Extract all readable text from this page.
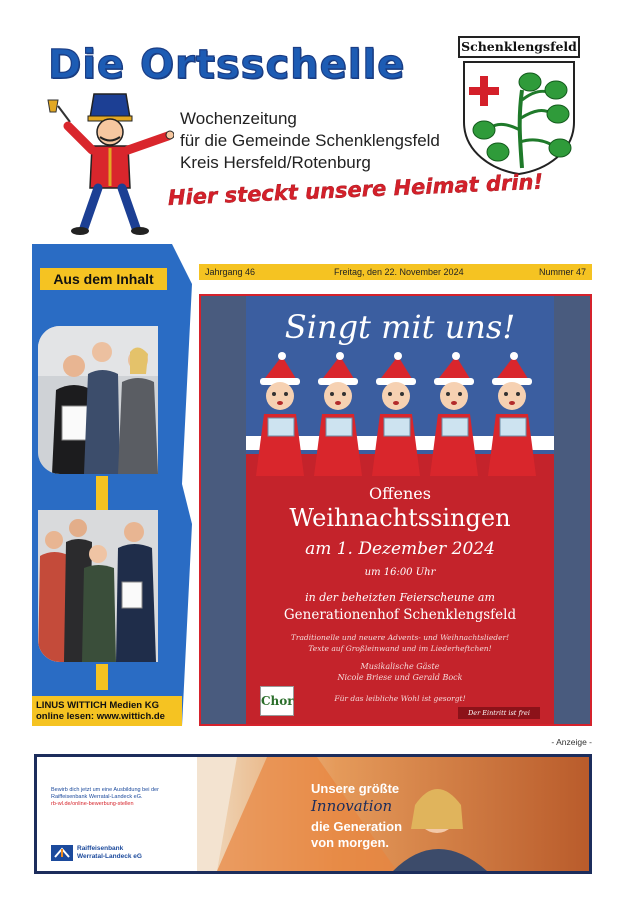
Die Ortsschelle	Schenklengsfeld
Wochenzeitung
für die Gemeinde Schenklengsfeld
Kreis Hersfeld/Rotenburg
Hier steckt unsere Heimat drin!
Aus dem Inhalt
LINUS WITTICH Medien KG
online lesen: www.wittich.de
Jahrgang 46	Freitag, den 22. November 2024	Nummer 47
Singt mit uns!
Offenes
Weihnachtssingen
am 1. Dezember 2024
um 16:00 Uhr
in der beheizten Feierscheune am
Generationenhof Schenklengsfeld
Traditionelle und neuere Advents- und Weihnachtslieder!
Texte auf Großleinwand und im Liederheftchen!
Musikalische Gäste
Nicole Briese und Gerald Bock
Für das leibliche Wohl ist gesorgt!
Chor
Der Eintritt ist frei
- Anzeige -
Bewirb dich jetzt um eine Ausbildung bei der
Raiffeisenbank Werratal-Landeck eG.
rb-wl.de/online-bewerbung-stellen
Raiffeisenbank
Werratal-Landeck eG
Unsere größte
Innovation
die Generation
von morgen.
